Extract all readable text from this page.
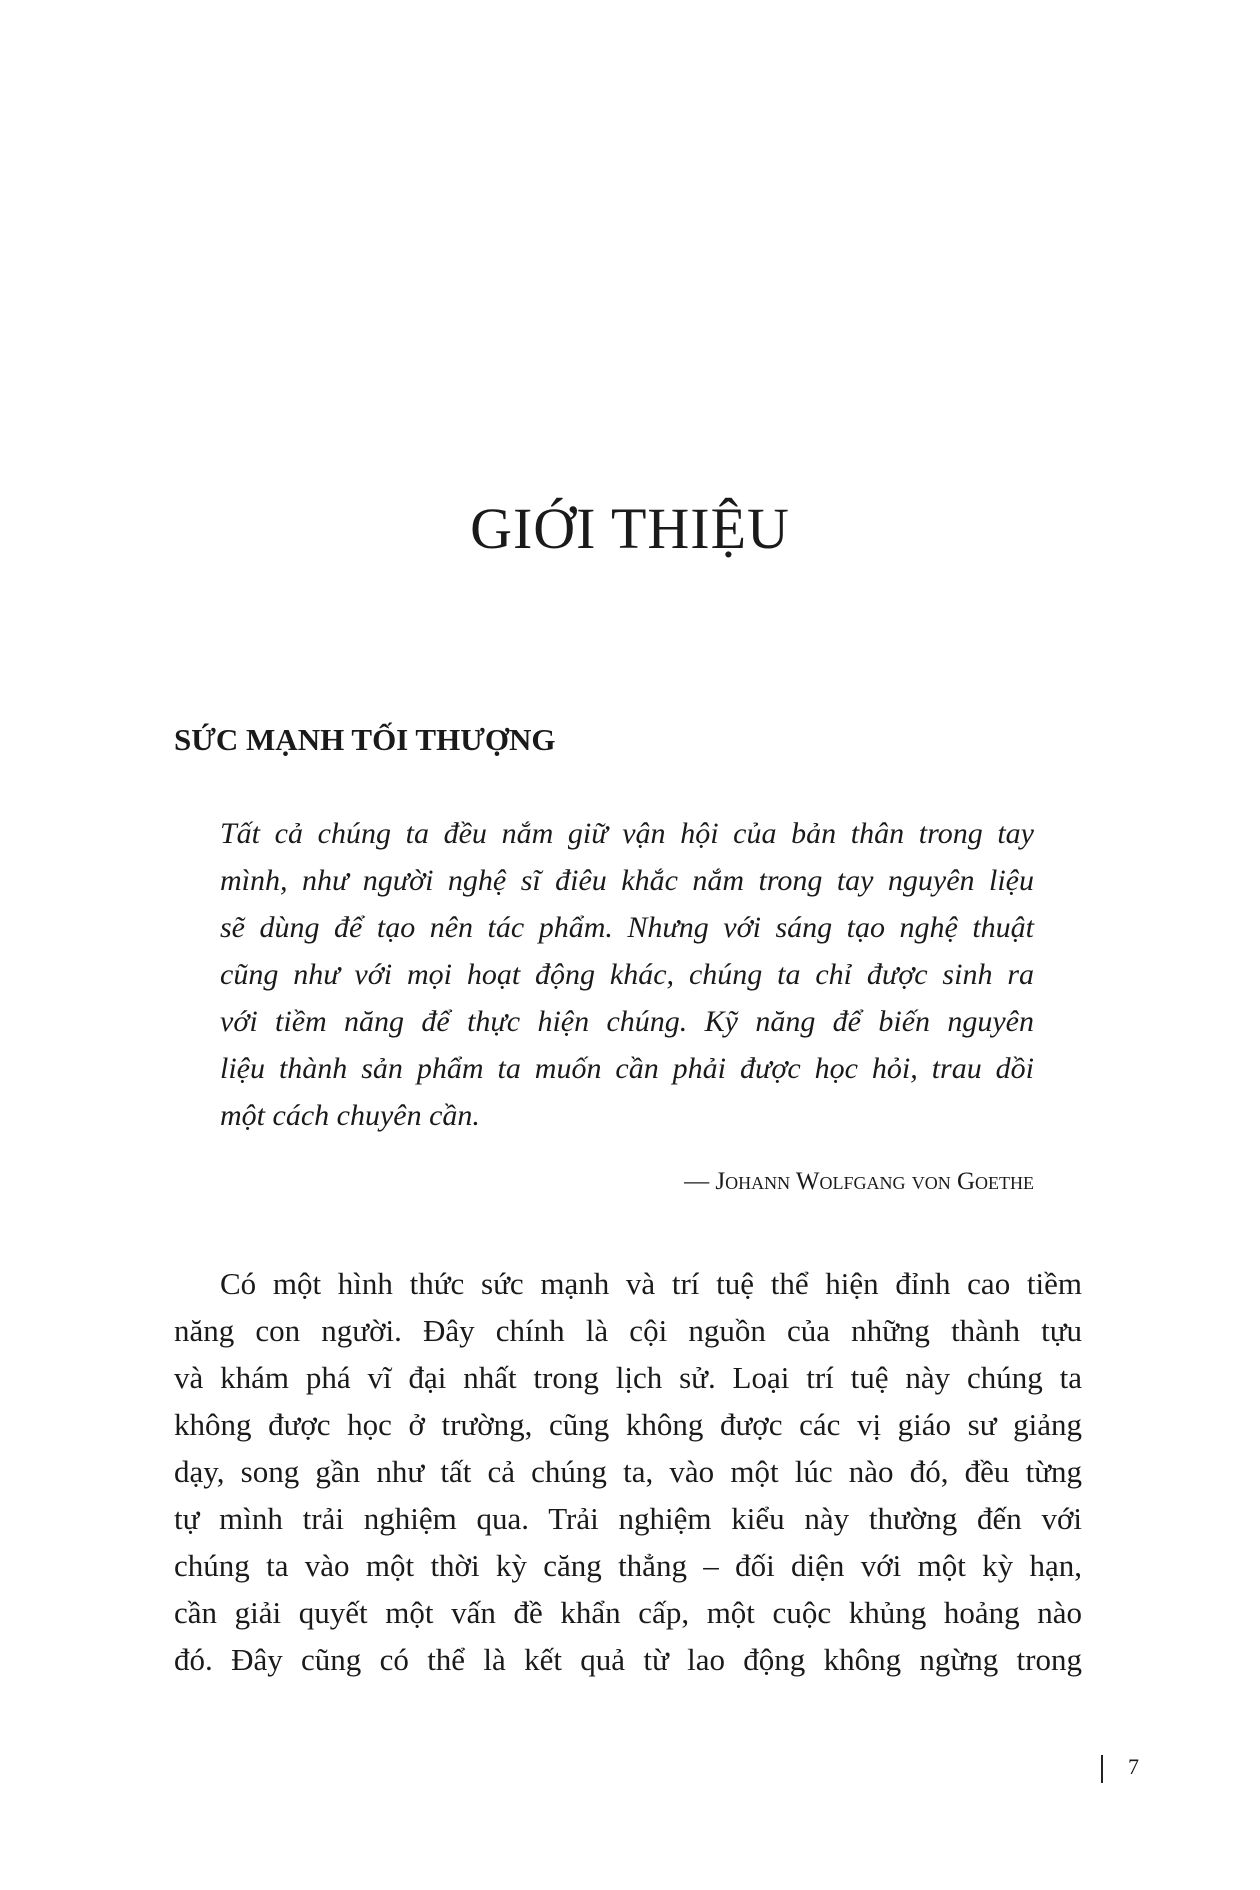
GIỚI THIỆU
SỨC MẠNH TỐI THƯỢNG
Tất cả chúng ta đều nắm giữ vận hội của bản thân trong tay
mình, như người nghệ sĩ điêu khắc nắm trong tay nguyên liệu
sẽ dùng để tạo nên tác phẩm. Nhưng với sáng tạo nghệ thuật
cũng như với mọi hoạt động khác, chúng ta chỉ được sinh ra
với tiềm năng để thực hiện chúng. Kỹ năng để biến nguyên
liệu thành sản phẩm ta muốn cần phải được học hỏi, trau dồi
một cách chuyên cần.
— Johann Wolfgang von Goethe
Có một hình thức sức mạnh và trí tuệ thể hiện đỉnh cao tiềm
năng con người. Đây chính là cội nguồn của những thành tựu
và khám phá vĩ đại nhất trong lịch sử. Loại trí tuệ này chúng ta
không được học ở trường, cũng không được các vị giáo sư giảng
dạy, song gần như tất cả chúng ta, vào một lúc nào đó, đều từng
tự mình trải nghiệm qua. Trải nghiệm kiểu này thường đến với
chúng ta vào một thời kỳ căng thẳng – đối diện với một kỳ hạn,
cần giải quyết một vấn đề khẩn cấp, một cuộc khủng hoảng nào
đó. Đây cũng có thể là kết quả từ lao động không ngừng trong
7
